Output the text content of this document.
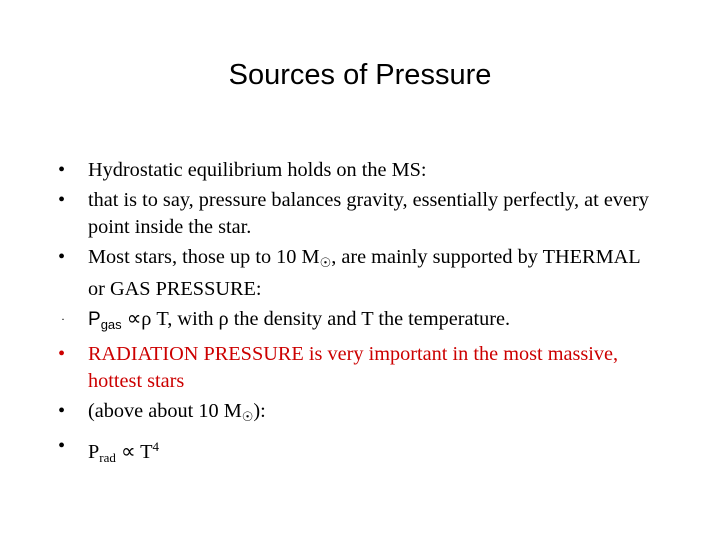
Sources of Pressure
•	Hydrostatic equilibrium holds on the MS:
•	that is to say, pressure balances gravity, essentially perfectly, at every point inside the star.
•	Most stars, those up to 10 M☉, are mainly supported by THERMAL or GAS PRESSURE:
·	$P_{gas} \propto\rho$ T, with ρ the density and T the temperature.
•	RADIATION PRESSURE is very important in the most massive, hottest stars
•	(above about 10 M☉):
•	$P_{rad} \propto T^4$
